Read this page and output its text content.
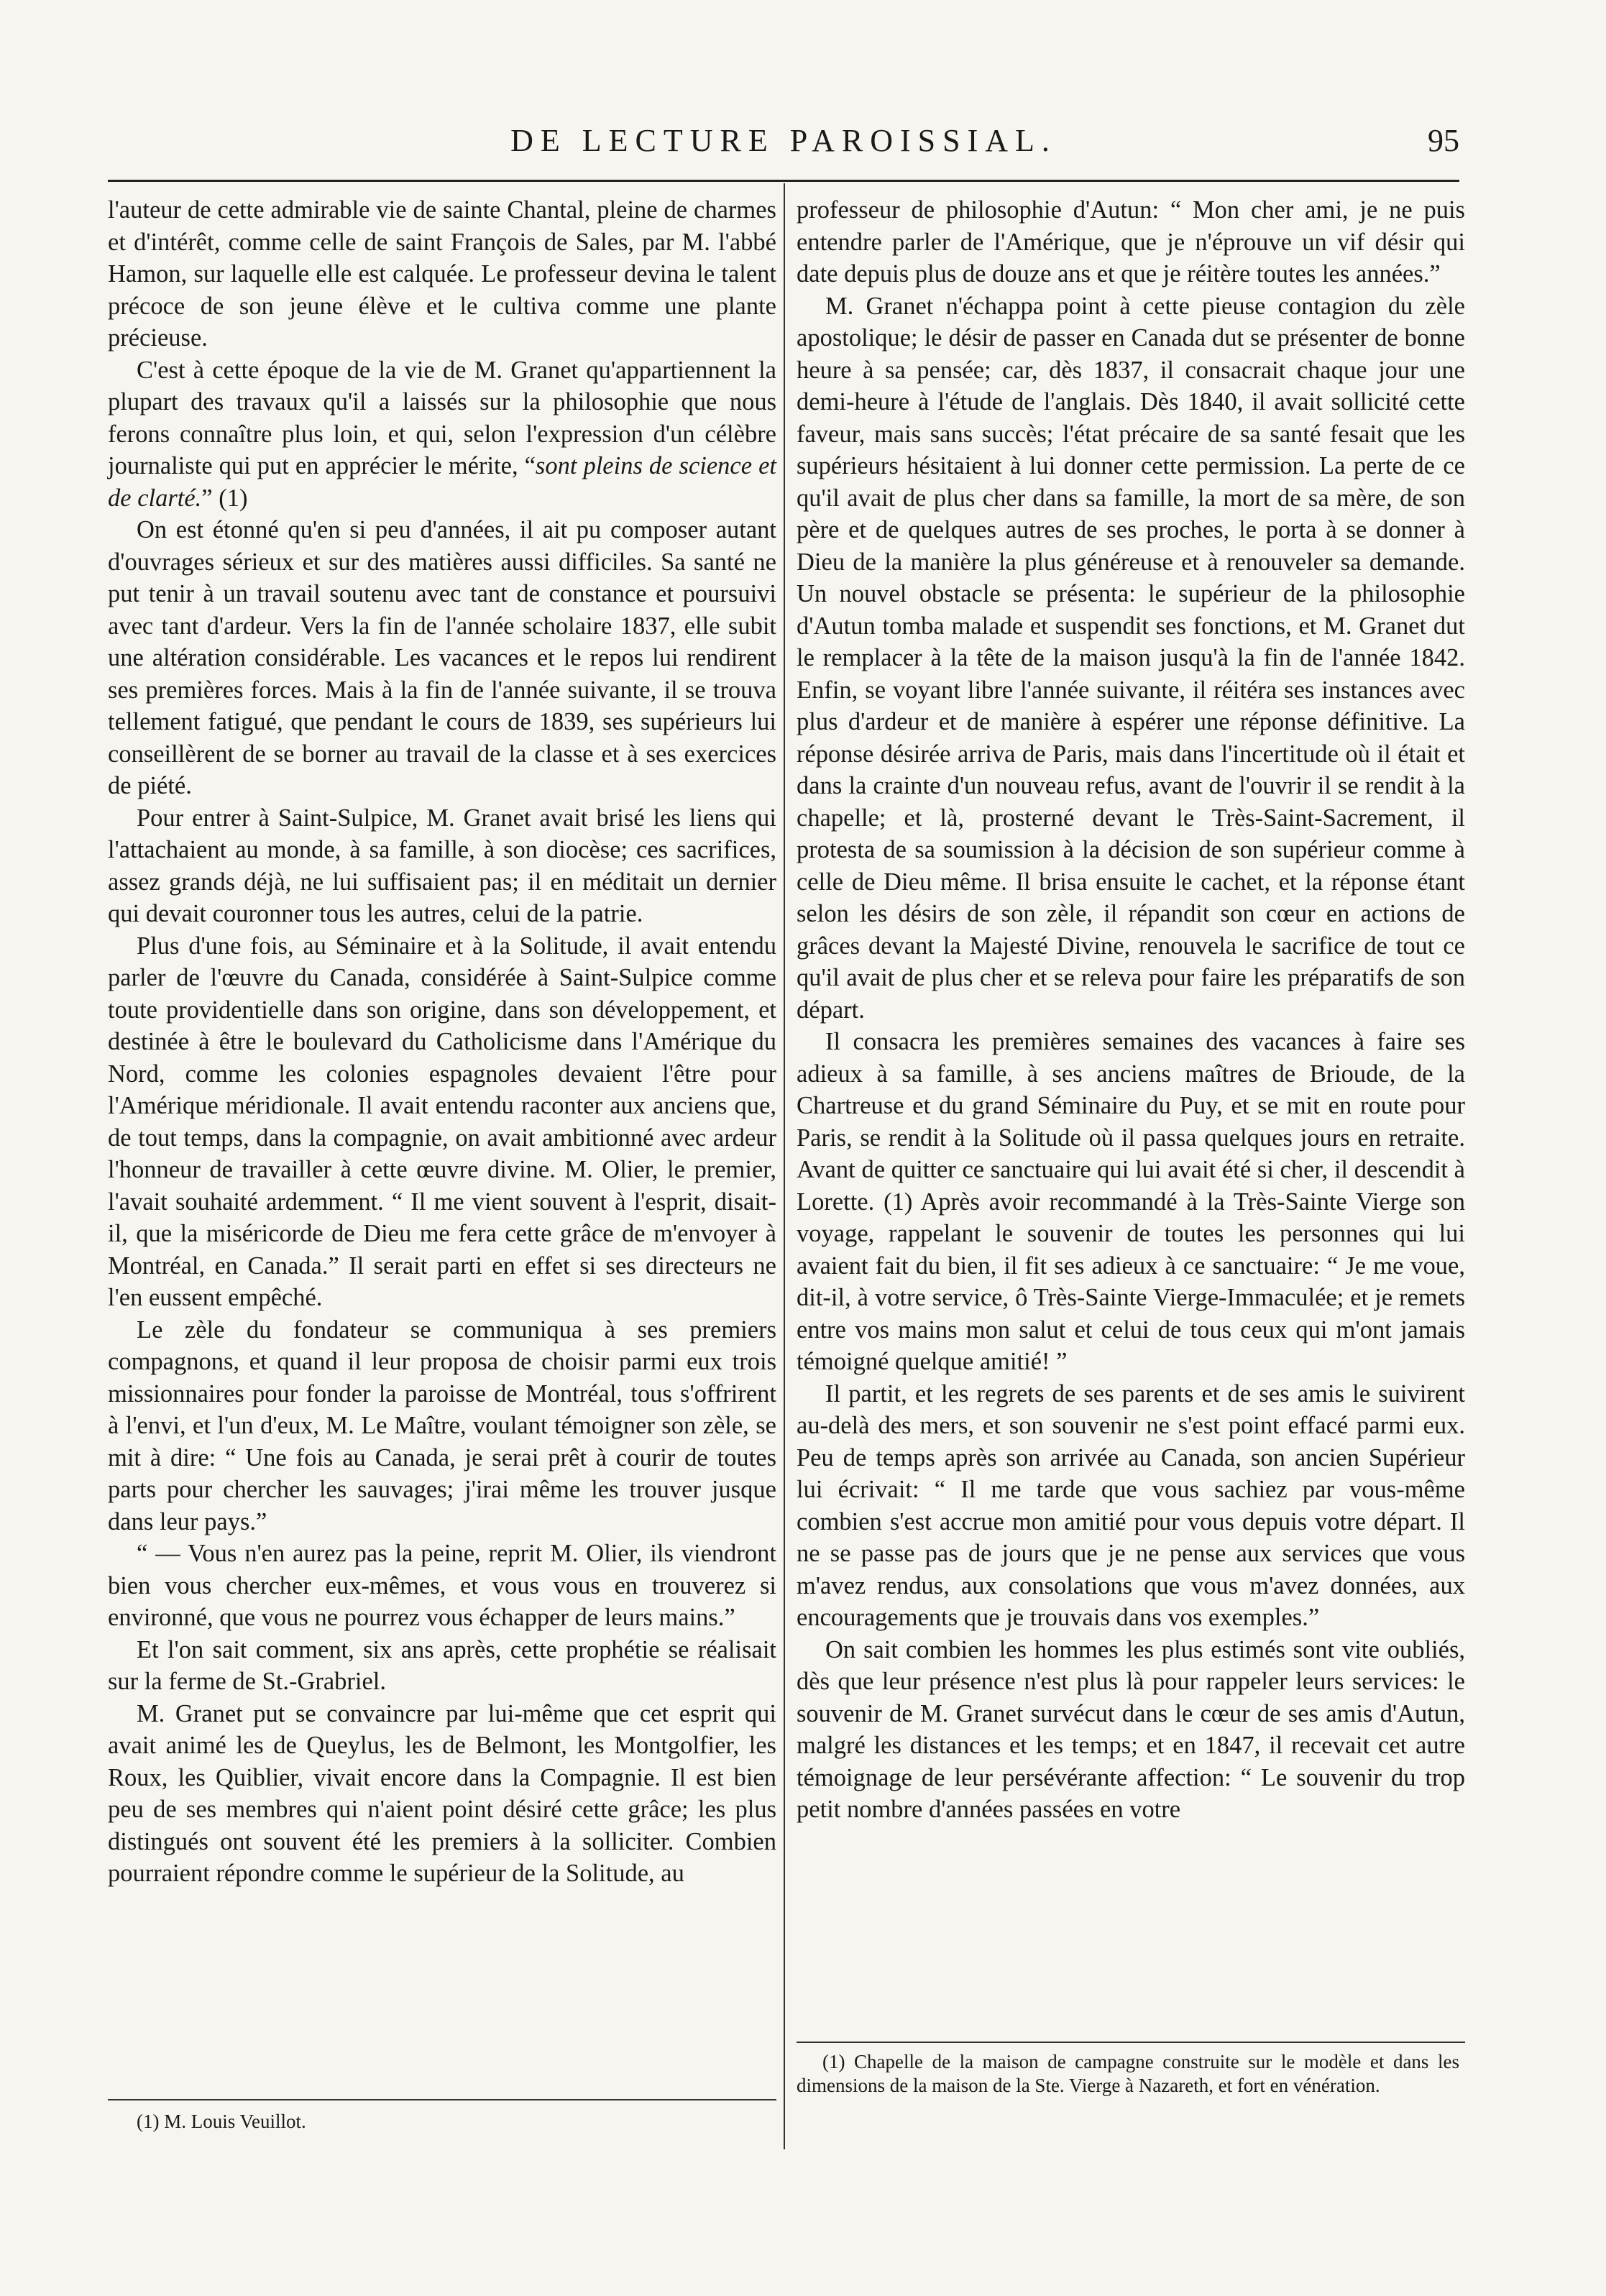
DE LECTURE PAROISSIAL.	95

l'auteur de cette admirable vie de sainte Chantal, pleine de charmes et d'intérêt, comme celle de saint François de Sales, par M. l'abbé Hamon, sur laquelle elle est calquée. Le professeur devina le talent précoce de son jeune élève et le cultiva comme une plante précieuse.

C'est à cette époque de la vie de M. Granet qu'appartiennent la plupart des travaux qu'il a laissés sur la philosophie que nous ferons connaître plus loin, et qui, selon l'expression d'un célèbre journaliste qui put en apprécier le mérite, “sont pleins de science et de clarté.” (1)

On est étonné qu'en si peu d'années, il ait pu composer autant d'ouvrages sérieux et sur des matières aussi difficiles. Sa santé ne put tenir à un travail soutenu avec tant de constance et poursuivi avec tant d'ardeur. Vers la fin de l'année scholaire 1837, elle subit une altération considérable. Les vacances et le repos lui rendirent ses premières forces. Mais à la fin de l'année suivante, il se trouva tellement fatigué, que pendant le cours de 1839, ses supérieurs lui conseillèrent de se borner au travail de la classe et à ses exercices de piété.

Pour entrer à Saint-Sulpice, M. Granet avait brisé les liens qui l'attachaient au monde, à sa famille, à son diocèse; ces sacrifices, assez grands déjà, ne lui suffisaient pas; il en méditait un dernier qui devait couronner tous les autres, celui de la patrie.

Plus d'une fois, au Séminaire et à la Solitude, il avait entendu parler de l'œuvre du Canada, considérée à Saint-Sulpice comme toute providentielle dans son origine, dans son développement, et destinée à être le boulevard du Catholicisme dans l'Amérique du Nord, comme les colonies espagnoles devaient l'être pour l'Amérique méridionale. Il avait entendu raconter aux anciens que, de tout temps, dans la compagnie, on avait ambitionné avec ardeur l'honneur de travailler à cette œuvre divine. M. Olier, le premier, l'avait souhaité ardemment. “ Il me vient souvent à l'esprit, disait-il, que la miséricorde de Dieu me fera cette grâce de m'envoyer à Montréal, en Canada.” Il serait parti en effet si ses directeurs ne l'en eussent empêché.

Le zèle du fondateur se communiqua à ses premiers compagnons, et quand il leur proposa de choisir parmi eux trois missionnaires pour fonder la paroisse de Montréal, tous s'offrirent à l'envi, et l'un d'eux, M. Le Maître, voulant témoigner son zèle, se mit à dire: “ Une fois au Canada, je serai prêt à courir de toutes parts pour chercher les sauvages; j'irai même les trouver jusque dans leur pays.”

“ — Vous n'en aurez pas la peine, reprit M. Olier, ils viendront bien vous chercher eux-mêmes, et vous vous en trouverez si environné, que vous ne pourrez vous échapper de leurs mains.”

Et l'on sait comment, six ans après, cette prophétie se réalisait sur la ferme de St.-Grabriel.

M. Granet put se convaincre par lui-même que cet esprit qui avait animé les de Queylus, les de Belmont, les Montgolfier, les Roux, les Quiblier, vivait encore dans la Compagnie. Il est bien peu de ses membres qui n'aient point désiré cette grâce; les plus distingués ont souvent été les premiers à la solliciter. Combien pourraient répondre comme le supérieur de la Solitude, au

professeur de philosophie d'Autun: “ Mon cher ami, je ne puis entendre parler de l'Amérique, que je n'éprouve un vif désir qui date depuis plus de douze ans et que je réitère toutes les années.”

M. Granet n'échappa point à cette pieuse contagion du zèle apostolique; le désir de passer en Canada dut se présenter de bonne heure à sa pensée; car, dès 1837, il consacrait chaque jour une demi-heure à l'étude de l'anglais. Dès 1840, il avait sollicité cette faveur, mais sans succès; l'état précaire de sa santé fesait que les supérieurs hésitaient à lui donner cette permission. La perte de ce qu'il avait de plus cher dans sa famille, la mort de sa mère, de son père et de quelques autres de ses proches, le porta à se donner à Dieu de la manière la plus généreuse et à renouveler sa demande. Un nouvel obstacle se présenta: le supérieur de la philosophie d'Autun tomba malade et suspendit ses fonctions, et M. Granet dut le remplacer à la tête de la maison jusqu'à la fin de l'année 1842. Enfin, se voyant libre l'année suivante, il réitéra ses instances avec plus d'ardeur et de manière à espérer une réponse définitive. La réponse désirée arriva de Paris, mais dans l'incertitude où il était et dans la crainte d'un nouveau refus, avant de l'ouvrir il se rendit à la chapelle; et là, prosterné devant le Très-Saint-Sacrement, il protesta de sa soumission à la décision de son supérieur comme à celle de Dieu même. Il brisa ensuite le cachet, et la réponse étant selon les désirs de son zèle, il répandit son cœur en actions de grâces devant la Majesté Divine, renouvela le sacrifice de tout ce qu'il avait de plus cher et se releva pour faire les préparatifs de son départ.

Il consacra les premières semaines des vacances à faire ses adieux à sa famille, à ses anciens maîtres de Brioude, de la Chartreuse et du grand Séminaire du Puy, et se mit en route pour Paris, se rendit à la Solitude où il passa quelques jours en retraite. Avant de quitter ce sanctuaire qui lui avait été si cher, il descendit à Lorette. (1) Après avoir recommandé à la Très-Sainte Vierge son voyage, rappelant le souvenir de toutes les personnes qui lui avaient fait du bien, il fit ses adieux à ce sanctuaire: “ Je me voue, dit-il, à votre service, ô Très-Sainte Vierge-Immaculée; et je remets entre vos mains mon salut et celui de tous ceux qui m'ont jamais témoigné quelque amitié! ”

Il partit, et les regrets de ses parents et de ses amis le suivirent au-delà des mers, et son souvenir ne s'est point effacé parmi eux. Peu de temps après son arrivée au Canada, son ancien Supérieur lui écrivait: “ Il me tarde que vous sachiez par vous-même combien s'est accrue mon amitié pour vous depuis votre départ. Il ne se passe pas de jours que je ne pense aux services que vous m'avez rendus, aux consolations que vous m'avez données, aux encouragements que je trouvais dans vos exemples.”

On sait combien les hommes les plus estimés sont vite oubliés, dès que leur présence n'est plus là pour rappeler leurs services: le souvenir de M. Granet survécut dans le cœur de ses amis d'Autun, malgré les distances et les temps; et en 1847, il recevait cet autre témoignage de leur persévérante affection: “ Le souvenir du trop petit nombre d'années passées en votre

(1) M. Louis Veuillot.
(1) Chapelle de la maison de campagne construite sur le modèle et dans les dimensions de la maison de la Ste. Vierge à Nazareth, et fort en vénération.
